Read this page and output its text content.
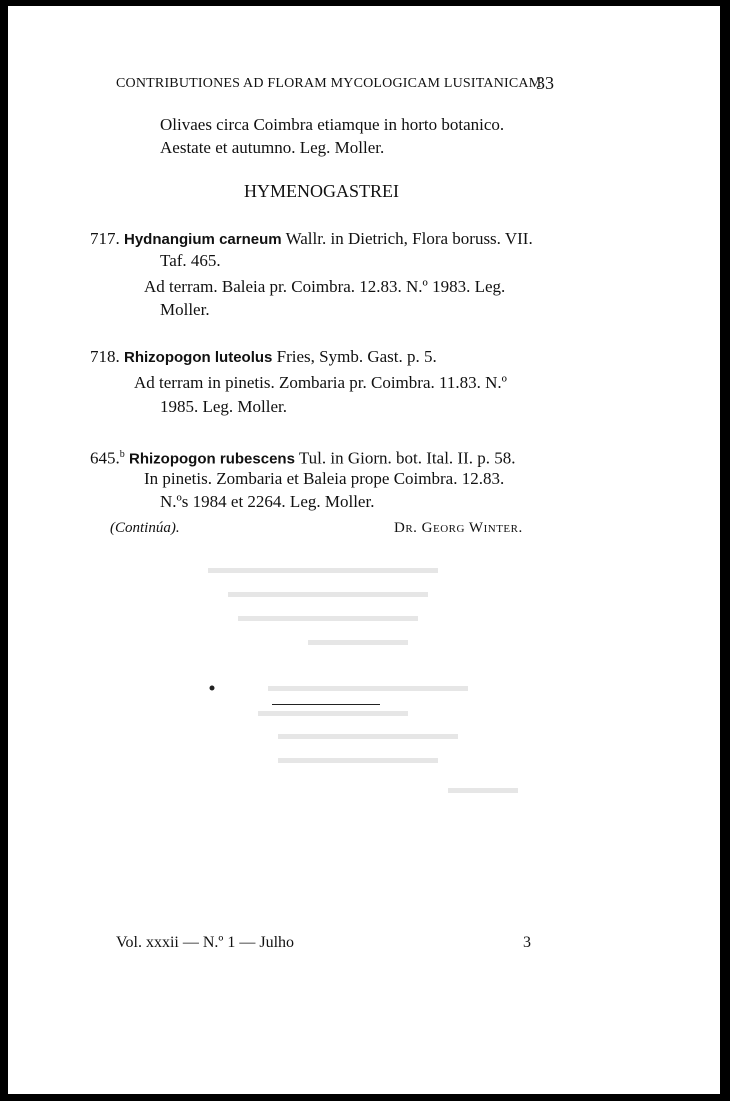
CONTRIBUTIONES AD FLORAM MYCOLOGICAM LUSITANICAM
33
Olivaes circa Coimbra etiamque in horto botanico.
Aestate et autumno. Leg. Moller.
HYMENOGASTREI
717. Hydnangium carneum Wallr. in Dietrich, Flora boruss. VII.
Taf. 465.
Ad terram. Baleia pr. Coimbra. 12.83. N.º 1983. Leg.
Moller.
718. Rhizopogon luteolus Fries, Symb. Gast. p. 5.
Ad terram in pinetis. Zombaria pr. Coimbra. 11.83. N.º
1985. Leg. Moller.
645.$^b$ Rhizopogon rubescens Tul. in Giorn. bot. Ital. II. p. 58.
In pinetis. Zombaria et Baleia prope Coimbra. 12.83.
N.ºs 1984 et 2264. Leg. Moller.
(Continúa).	Dr. Georg Winter.
Vol. xxxii — N.º 1 — Julho	3
